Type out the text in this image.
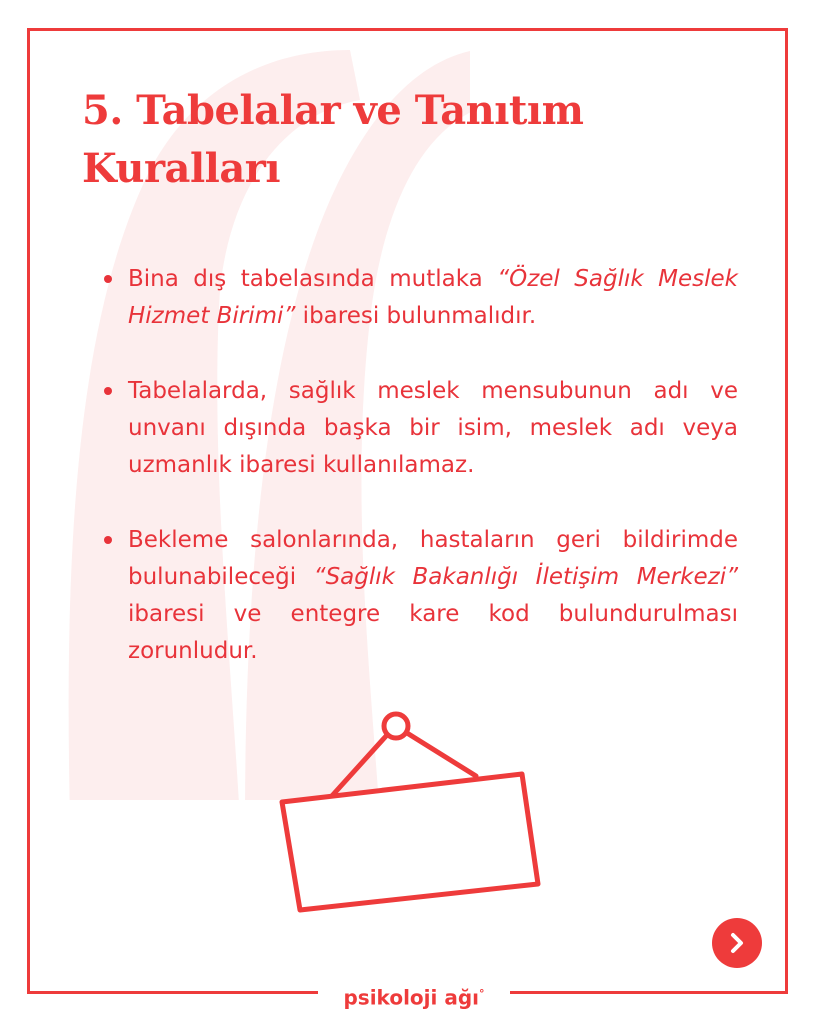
5. Tabelalar ve Tanıtım Kuralları
Bina dış tabelasında mutlaka “Özel Sağlık Meslek Hizmet Birimi” ibaresi bulunmalıdır.
Tabelalarda, sağlık meslek mensubunun adı ve unvanı dışında başka bir isim, meslek adı veya uzmanlık ibaresi kullanılamaz.
Bekleme salonlarında, hastaların geri bildirimde bulunabileceği “Sağlık Bakanlığı İletişim Merkezi” ibaresi ve entegre kare kod bulundurulması zorunludur.
psikoloji ağı°
